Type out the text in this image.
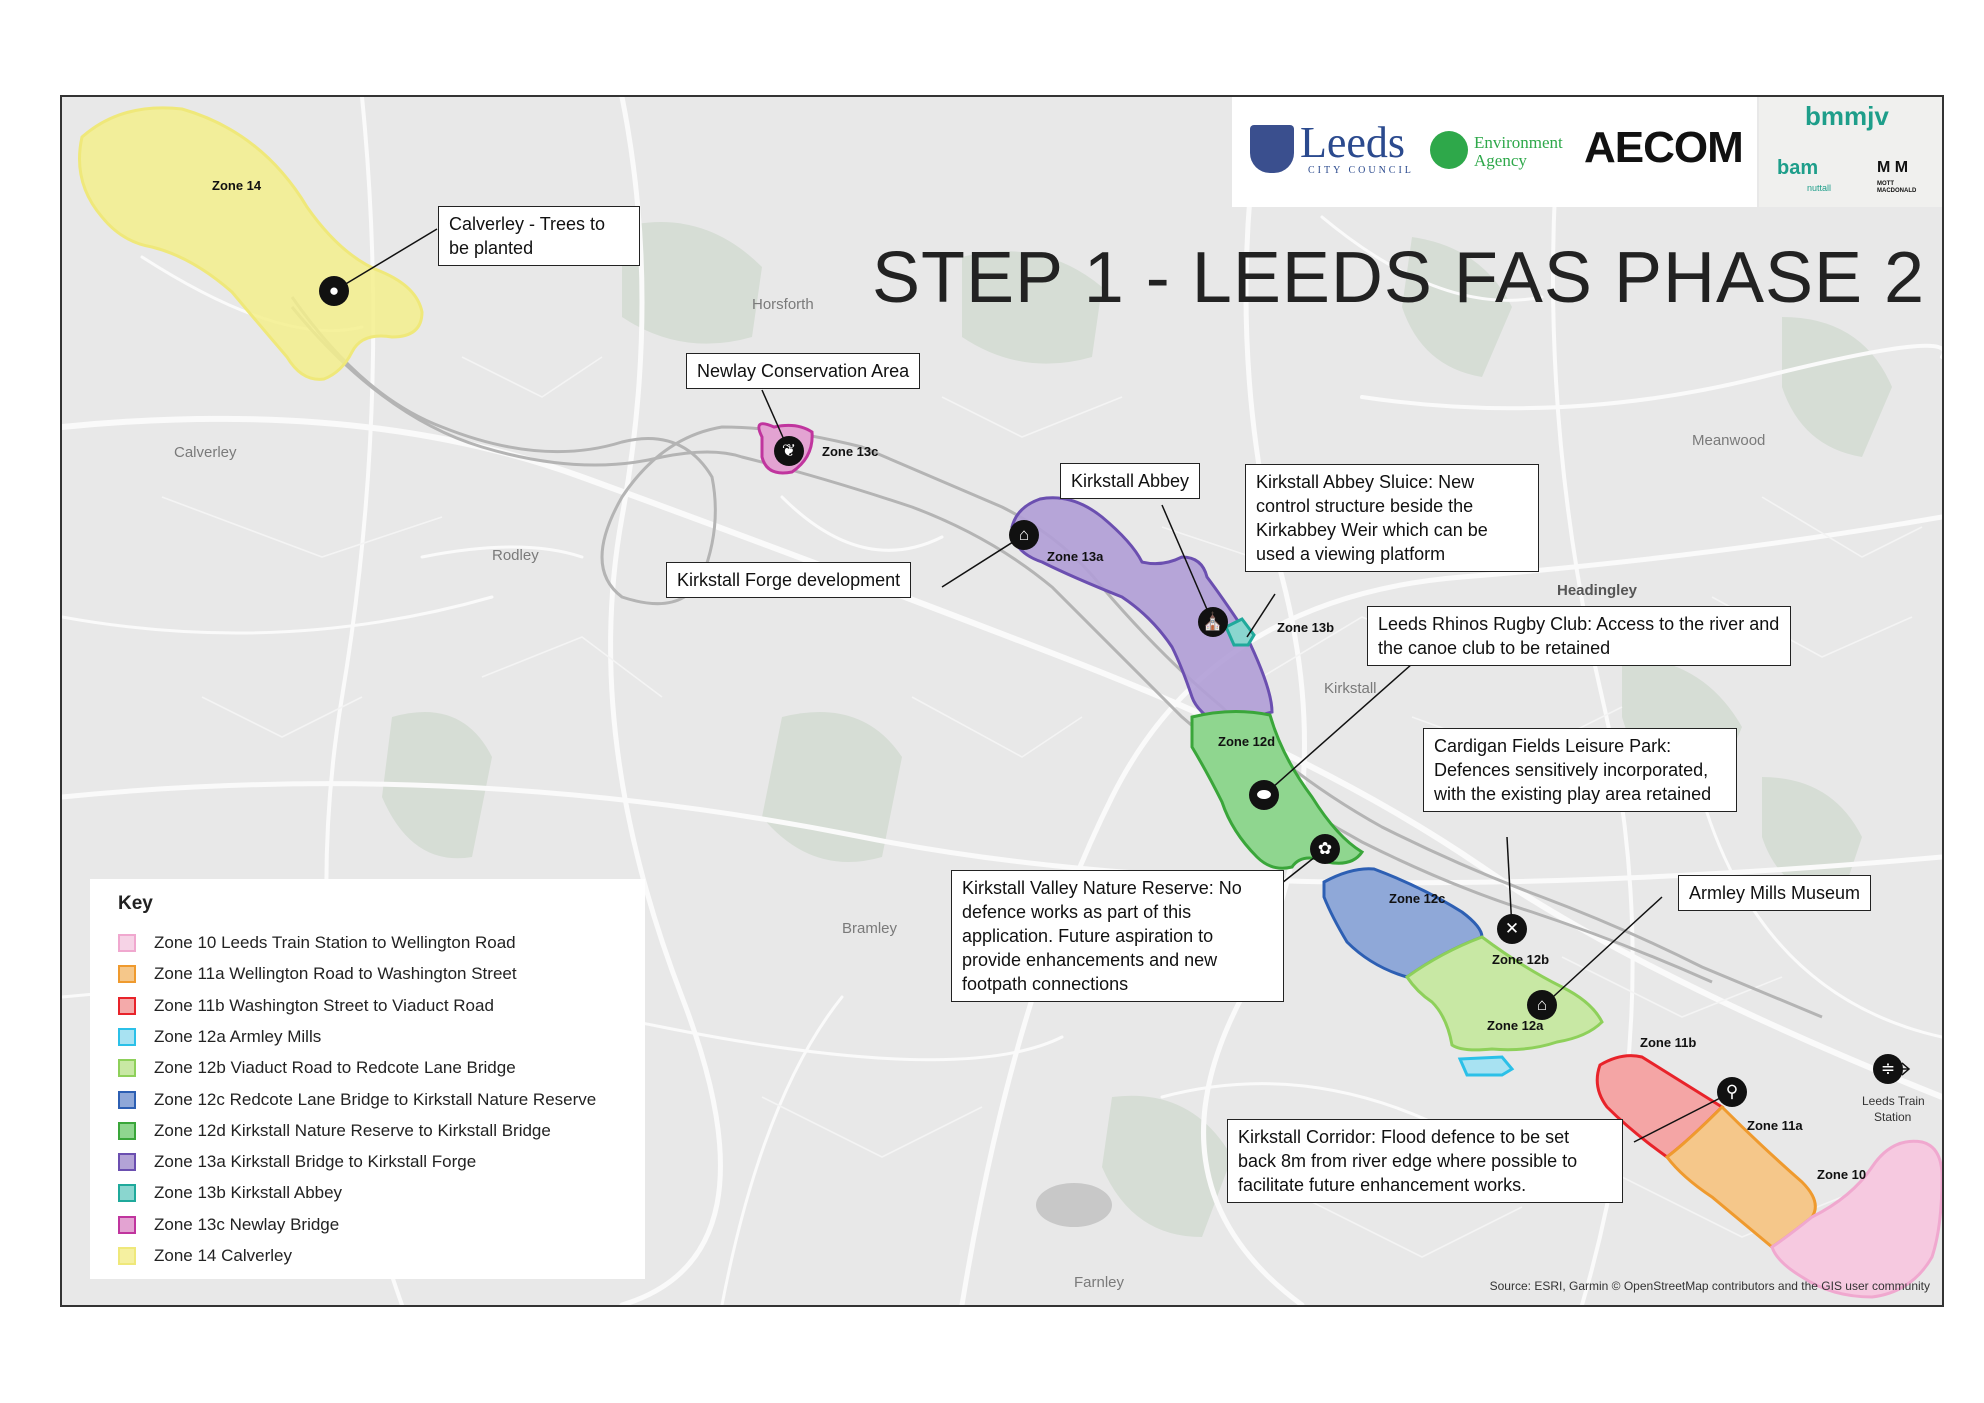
Horsforth
Calverley
Rodley
Meanwood
Headingley
Kirkstall
Bramley
Farnley
Leeds Train
Station
Zone 14
Zone 13c
Zone 13a
Zone 13b
Zone 12d
Zone 12c
Zone 12b
Zone 12a
Zone 11b
Zone 11a
Zone 10
●
❦
⌂
⛪
⬬
✿
✕
⌂
⚲
≑
Calverley - Trees to be planted
Newlay Conservation Area
Kirkstall Forge development
Kirkstall Abbey	Kirkstall Abbey Sluice: New control structure beside the Kirkabbey Weir which can be used a viewing platform
Leeds Rhinos Rugby Club: Access to the river and the canoe club to be retained
Cardigan Fields Leisure Park: Defences sensitively incorporated, with the existing play area retained
Kirkstall Valley Nature Reserve: No defence works as part of this application. Future aspiration to provide enhancements and new footpath connections
Armley Mills Museum
Kirkstall Corridor: Flood defence to be set back 8m from river edge where possible to facilitate future enhancement works.
Leeds
CITY COUNCIL
Environment
Agency AECOM
bmmjv
bam
nuttall
M M
MOTT MACDONALD
STEP 1 - LEEDS FAS PHASE 2
Key
Zone 10 Leeds Train Station to Wellington Road
Zone 11a Wellington Road to Washington Street
Zone 11b Washington Street to Viaduct Road
Zone 12a Armley Mills
Zone 12b Viaduct Road to Redcote Lane Bridge
Zone 12c Redcote Lane Bridge to Kirkstall Nature Reserve
Zone 12d Kirkstall Nature Reserve to Kirkstall Bridge
Zone 13a Kirkstall Bridge to Kirkstall Forge
Zone 13b Kirkstall Abbey
Zone 13c Newlay Bridge
Zone 14 Calverley
Source: ESRI, Garmin © OpenStreetMap contributors and the GIS user community
